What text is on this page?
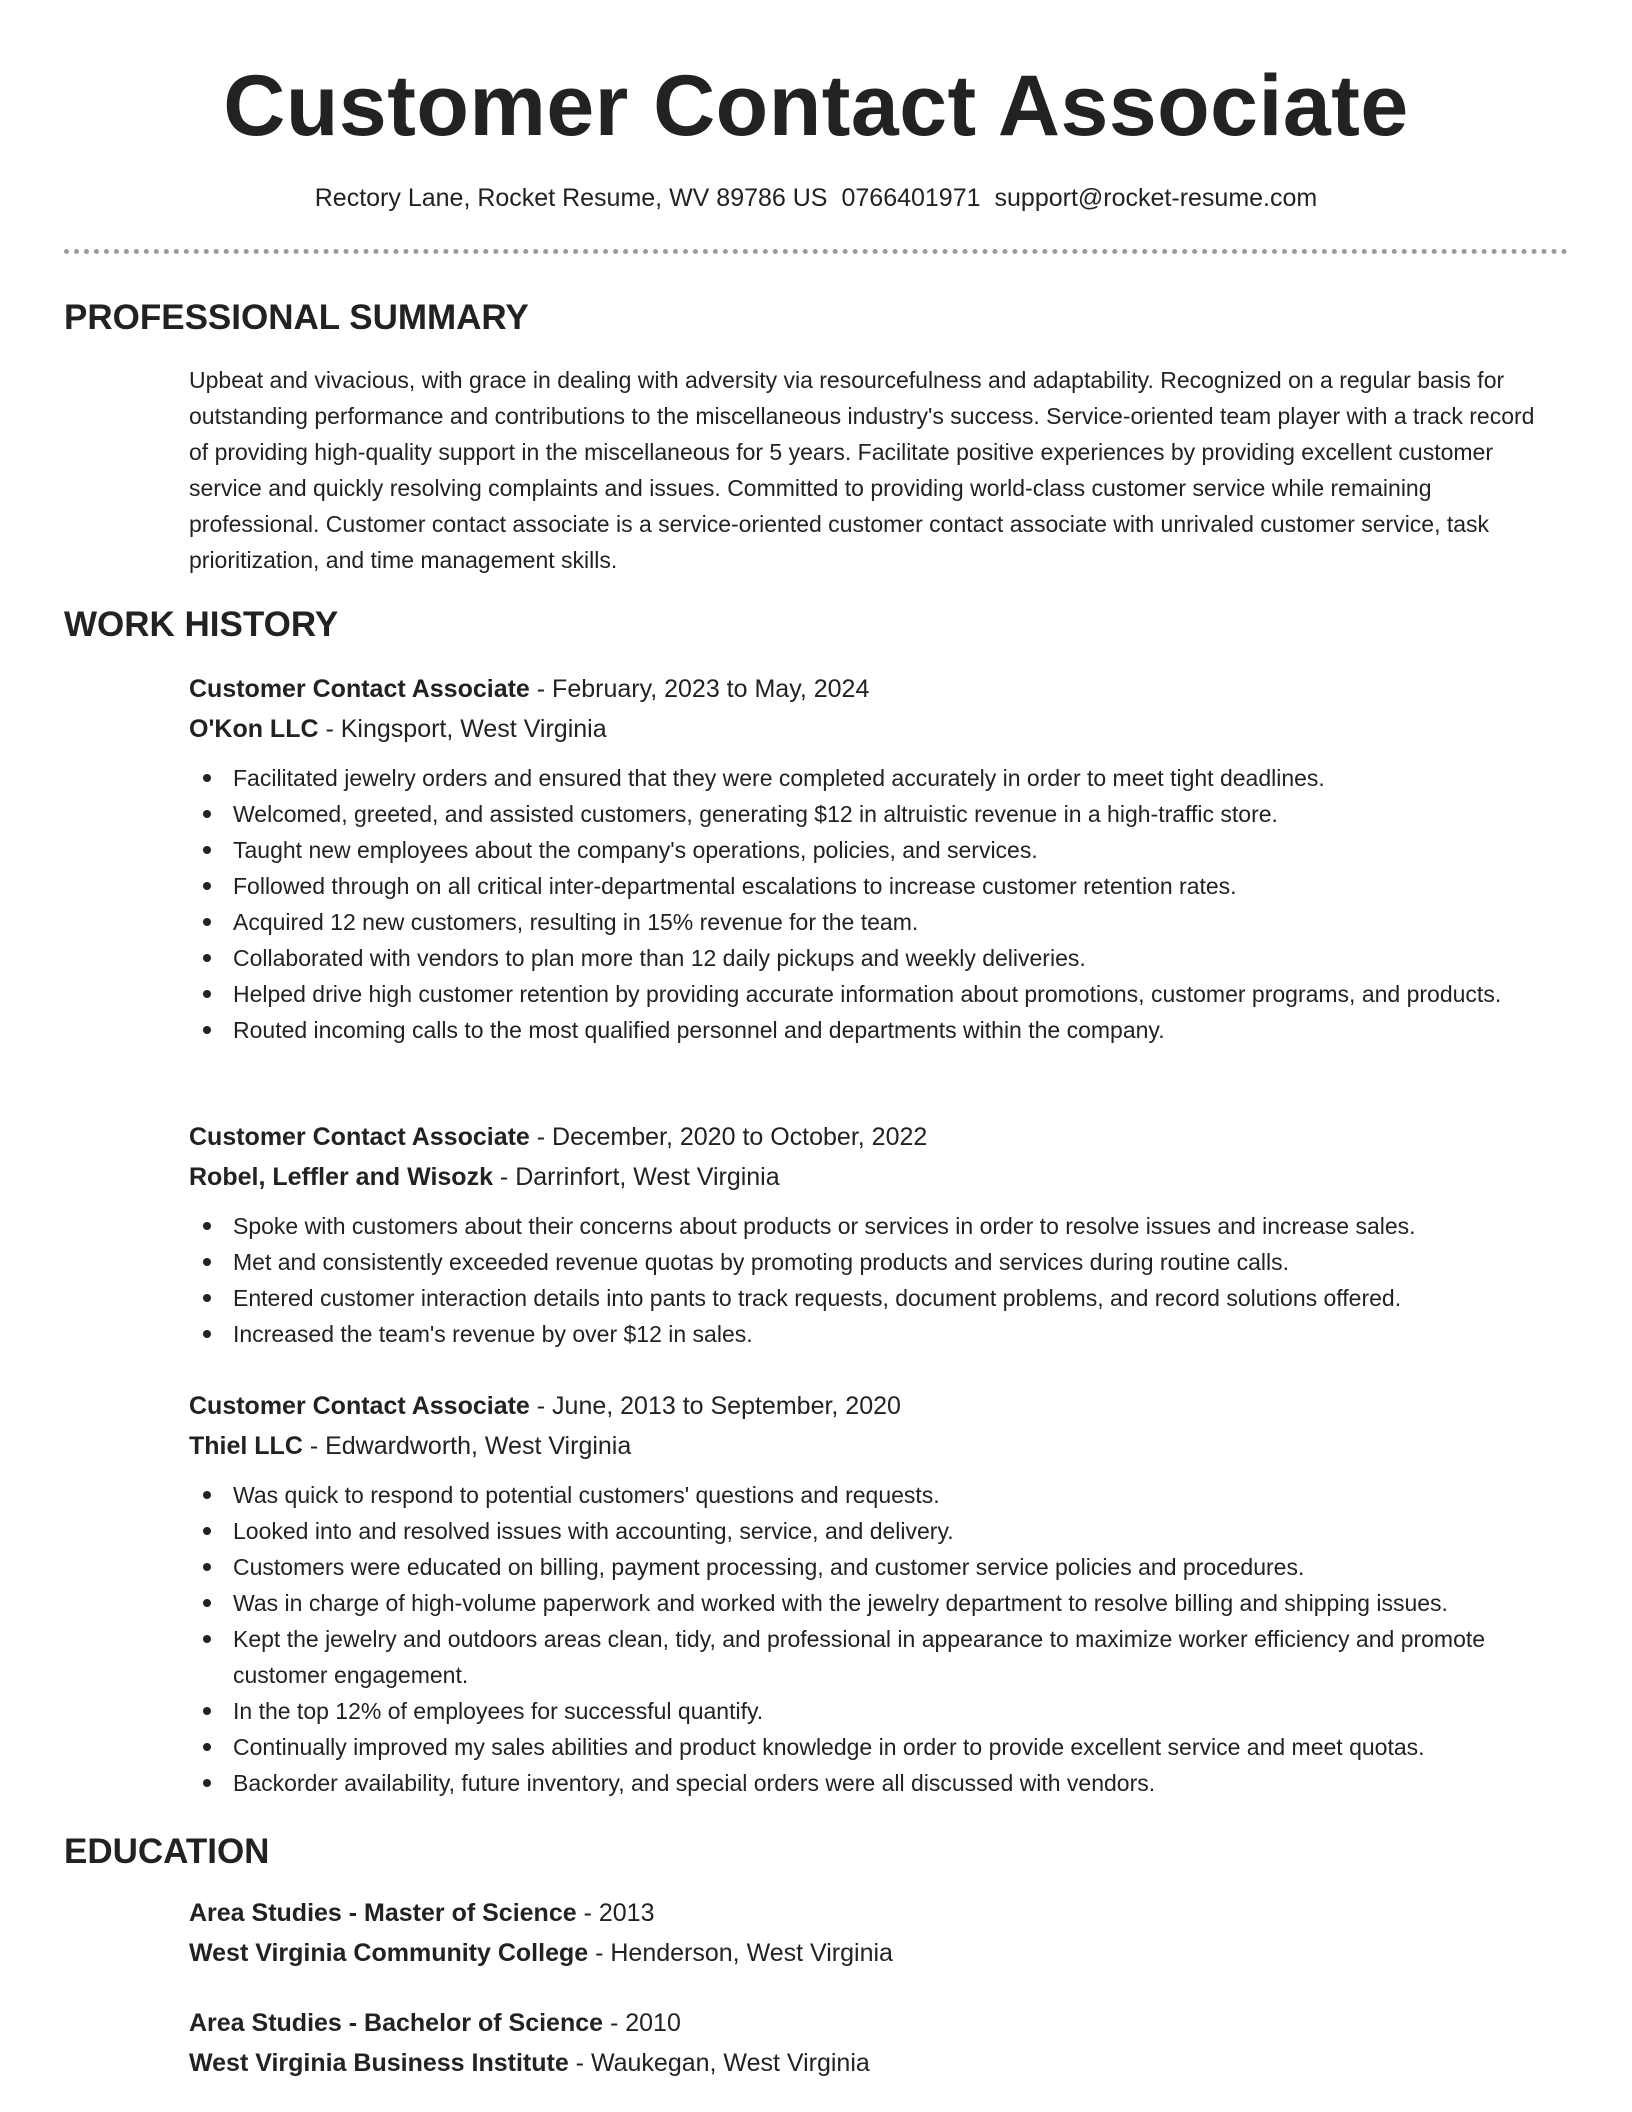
Customer Contact Associate
Rectory Lane, Rocket Resume, WV 89786 US 0766401971 support@rocket-resume.com
PROFESSIONAL SUMMARY
Upbeat and vivacious, with grace in dealing with adversity via resourcefulness and adaptability. Recognized on a regular basis for outstanding performance and contributions to the miscellaneous industry's success. Service-oriented team player with a track record of providing high-quality support in the miscellaneous for 5 years. Facilitate positive experiences by providing excellent customer service and quickly resolving complaints and issues. Committed to providing world-class customer service while remaining professional. Customer contact associate is a service-oriented customer contact associate with unrivaled customer service, task prioritization, and time management skills.
WORK HISTORY
Customer Contact Associate - February, 2023 to May, 2024
O'Kon LLC - Kingsport, West Virginia
Facilitated jewelry orders and ensured that they were completed accurately in order to meet tight deadlines.
Welcomed, greeted, and assisted customers, generating $12 in altruistic revenue in a high-traffic store.
Taught new employees about the company's operations, policies, and services.
Followed through on all critical inter-departmental escalations to increase customer retention rates.
Acquired 12 new customers, resulting in 15% revenue for the team.
Collaborated with vendors to plan more than 12 daily pickups and weekly deliveries.
Helped drive high customer retention by providing accurate information about promotions, customer programs, and products.
Routed incoming calls to the most qualified personnel and departments within the company.
Customer Contact Associate - December, 2020 to October, 2022
Robel, Leffler and Wisozk - Darrinfort, West Virginia
Spoke with customers about their concerns about products or services in order to resolve issues and increase sales.
Met and consistently exceeded revenue quotas by promoting products and services during routine calls.
Entered customer interaction details into pants to track requests, document problems, and record solutions offered.
Increased the team's revenue by over $12 in sales.
Customer Contact Associate - June, 2013 to September, 2020
Thiel LLC - Edwardworth, West Virginia
Was quick to respond to potential customers' questions and requests.
Looked into and resolved issues with accounting, service, and delivery.
Customers were educated on billing, payment processing, and customer service policies and procedures.
Was in charge of high-volume paperwork and worked with the jewelry department to resolve billing and shipping issues.
Kept the jewelry and outdoors areas clean, tidy, and professional in appearance to maximize worker efficiency and promote customer engagement.
In the top 12% of employees for successful quantify.
Continually improved my sales abilities and product knowledge in order to provide excellent service and meet quotas.
Backorder availability, future inventory, and special orders were all discussed with vendors.
EDUCATION
Area Studies - Master of Science - 2013
West Virginia Community College - Henderson, West Virginia
Area Studies - Bachelor of Science - 2010
West Virginia Business Institute - Waukegan, West Virginia
